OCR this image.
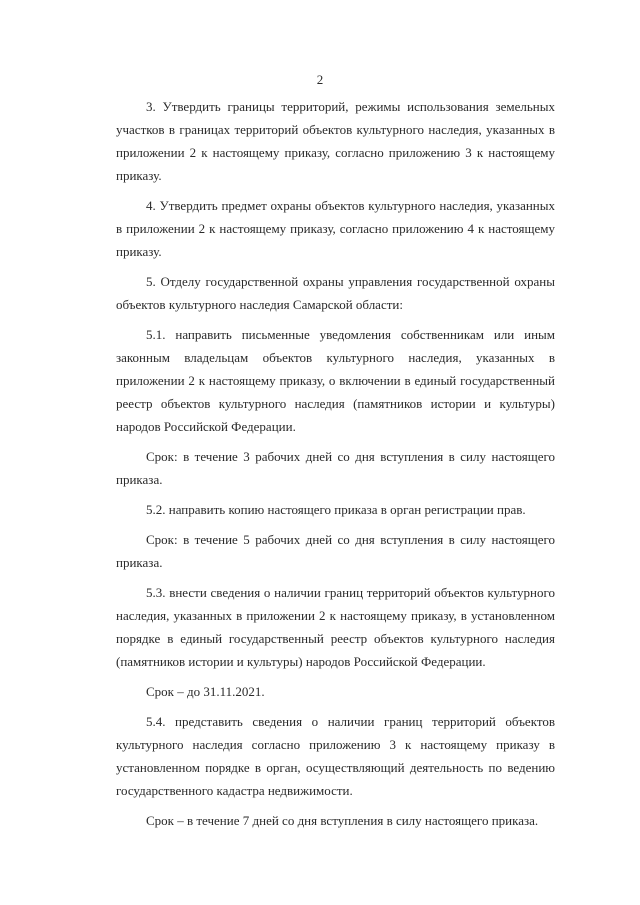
2

3. Утвердить границы территорий, режимы использования земельных участков в границах территорий объектов культурного наследия, указанных в приложении 2 к настоящему приказу, согласно приложению 3 к настоящему приказу.

4. Утвердить предмет охраны объектов культурного наследия, указанных в приложении 2 к настоящему приказу, согласно приложению 4 к настоящему приказу.

5. Отделу государственной охраны управления государственной охраны объектов культурного наследия Самарской области:

5.1. направить письменные уведомления собственникам или иным законным владельцам объектов культурного наследия, указанных в приложении 2 к настоящему приказу, о включении в единый государственный реестр объектов культурного наследия (памятников истории и культуры) народов Российской Федерации.

Срок: в течение 3 рабочих дней со дня вступления в силу настоящего приказа.

5.2. направить копию настоящего приказа в орган регистрации прав.

Срок: в течение 5 рабочих дней со дня вступления в силу настоящего приказа.

5.3. внести сведения о наличии границ территорий объектов культурного наследия, указанных в приложении 2 к настоящему приказу, в установленном порядке в единый государственный реестр объектов культурного наследия (памятников истории и культуры) народов Российской Федерации.

Срок – до 31.11.2021.

5.4. представить сведения о наличии границ территорий объектов культурного наследия согласно приложению 3 к настоящему приказу в установленном порядке в орган, осуществляющий деятельность по ведению государственного кадастра недвижимости.

Срок – в течение 7 дней со дня вступления в силу настоящего приказа.
